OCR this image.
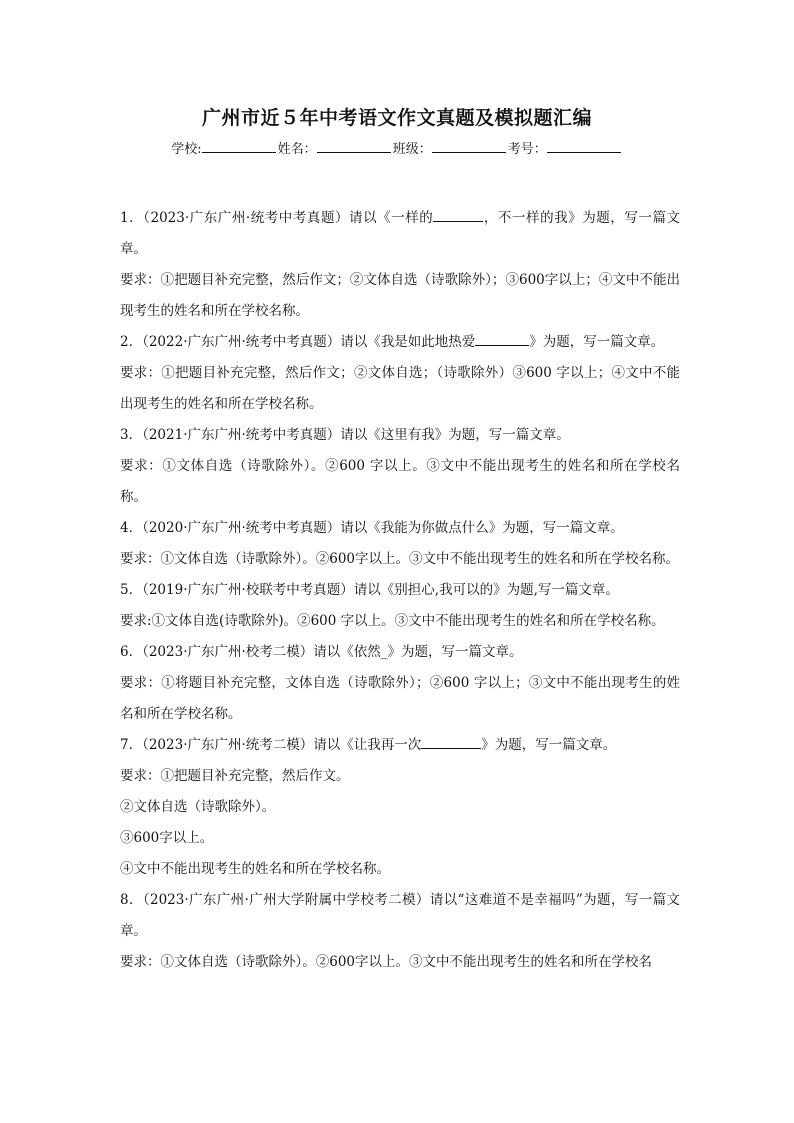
广州市近５年中考语文作文真题及模拟题汇编
学校:	姓名：	班级：	考号：

1．（2023·广东广州·统考中考真题）请以《一样的	，不一样的我》为题，写一篇文章。

要求：①把题目补充完整，然后作文；②文体自选（诗歌除外）；③600字以上；④文中不能出现考生的姓名和所在学校名称。

2．（2022·广东广州·统考中考真题）请以《我是如此地热爱	》为题，写一篇文章。

要求：①把题目补充完整，然后作文；②文体自选；（诗歌除外）③600 字以上；④文中不能出现考生的姓名和所在学校名称。

3．（2021·广东广州·统考中考真题）请以《这里有我》为题，写一篇文章。

要求：①文体自选（诗歌除外）。②600 字以上。③文中不能出现考生的姓名和所在学校名称。

4．（2020·广东广州·统考中考真题）请以《我能为你做点什么》为题，写一篇文章。

要求：①文体自选（诗歌除外）。②600字以上。③文中不能出现考生的姓名和所在学校名称。

5．（2019·广东广州·校联考中考真题）请以《别担心,我可以的》为题,写一篇文章。

要求:①文体自选(诗歌除外)。②600 字以上。③文中不能出现考生的姓名和所在学校名称。

6．（2023·广东广州·校考二模）请以《依然_》为题，写一篇文章。

要求：①将题目补充完整，文体自选（诗歌除外）；②600 字以上；③文中不能出现考生的姓名和所在学校名称。

7．（2023·广东广州·统考二模）请以《让我再一次	》为题，写一篇文章。

要求：①把题目补充完整，然后作文。

②文体自选（诗歌除外）。

③600字以上。

④文中不能出现考生的姓名和所在学校名称。

8．（2023·广东广州·广州大学附属中学校考二模）请以“这难道不是幸福吗”为题，写一篇文章。

要求：①文体自选（诗歌除外）。②600字以上。③文中不能出现考生的姓名和所在学校名
